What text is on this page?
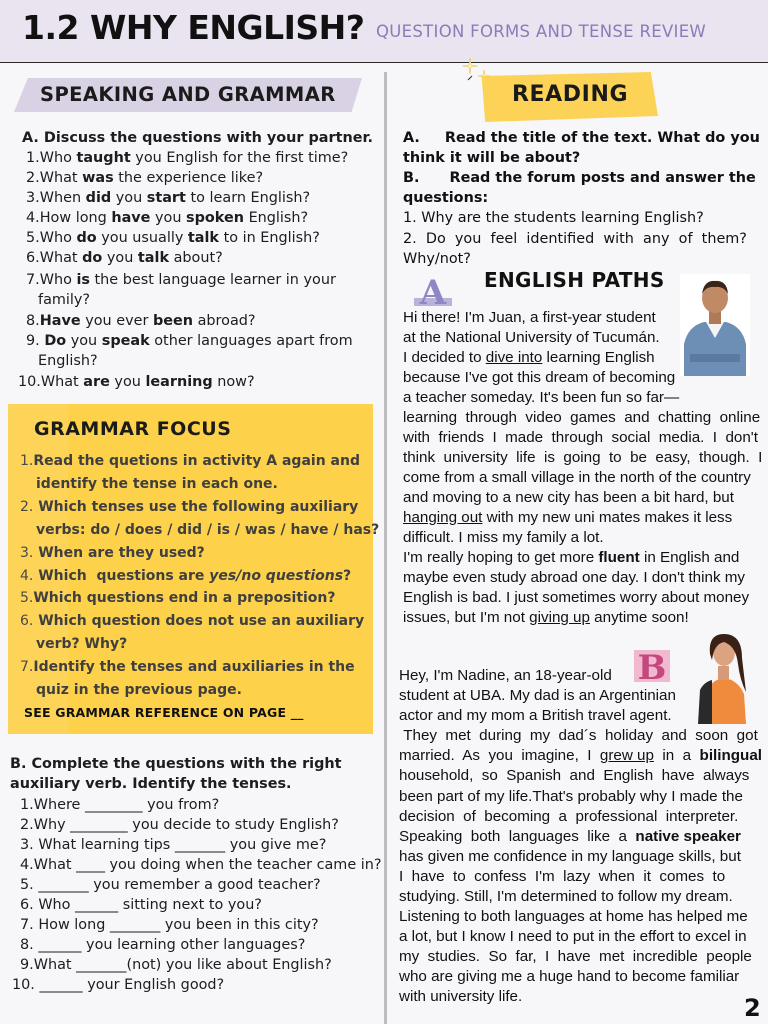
1.2 WHY ENGLISH? QUESTION FORMS AND TENSE REVIEW
SPEAKING AND GRAMMAR
A. Discuss the questions with your partner.
1.Who taught you English for the first time?
2.What was the experience like?
3.When did you start to learn English?
4.How long have you spoken English?
5.Who do you usually talk to in English?
6.What do you talk about?
7.Who is the best language learner in your
family?
8.Have you ever been abroad?
9. Do you speak other languages apart from
English?
10.What are you learning now?
GRAMMAR FOCUS
1.Read the quetions in activity A again and
identify the tense in each one.
2. Which tenses use the following auxiliary
verbs: do / does / did / is / was / have / has?
3. When are they used?
4. Which  questions are yes/no questions?
5.Which questions end in a preposition?
6. Which question does not use an auxiliary
verb? Why?
7.Identify the tenses and auxiliaries in the
quiz in the previous page.
SEE GRAMMAR REFERENCE ON PAGE __
B. Complete the questions with the right
auxiliary verb. Identify the tenses.
1.Where ________ you from?
2.Why ________ you decide to study English?
3. What learning tips _______ you give me?
4.What ____ you doing when the teacher came in?
5. _______ you remember a good teacher?
6. Who ______ sitting next to you?
7. How long _______ you been in this city?
8. ______ you learning other languages?
9.What _______(not) you like about English?
10. ______ your English good?
READING
A.     Read the title of the text. What do you
think it will be about?
B.      Read the forum posts and answer the
questions:
1. Why are the students learning English?
2.  Do  you  feel  identified  with  any  of  them?
Why/not?
A ENGLISH PATHS
Hi there! I'm Juan, a first-year student
at the National University of Tucumán.
I decided to dive into learning English
because I've got this dream of becoming
a teacher someday. It's been fun so far—
learning  through  video  games  and  chatting  online
with  friends  I  made  through  social  media.  I  don't
think  university  life  is  going  to  be  easy,  though.  I
come from a small village in the north of the country
and moving to a new city has been a bit hard, but
hanging out with my new uni mates makes it less
difficult. I miss my family a lot.
I'm really hoping to get more fluent in English and
maybe even study abroad one day. I don't think my
English is bad. I just sometimes worry about money
issues, but I'm not giving up anytime soon!
B
Hey, I'm Nadine, an 18-year-old
student at UBA. My dad is an Argentinian
actor and my mom a British travel agent.
They  met  during  my  dad´s  holiday  and  soon  got
married.  As  you  imagine,  I  grew up  in  a  bilingual
household,  so  Spanish  and  English  have  always
been part of my life.That's probably why I made the
decision  of  becoming  a  professional  interpreter.
Speaking  both  languages  like  a  native speaker
has given me confidence in my language skills, but
I  have  to  confess  I'm  lazy  when  it  comes  to
studying. Still, I'm determined to follow my dream.
Listening to both languages at home has helped me
a lot, but I know I need to put in the effort to excel in
my  studies.  So  far,  I  have  met  incredible  people
who are giving me a huge hand to become familiar
with university life.	2
